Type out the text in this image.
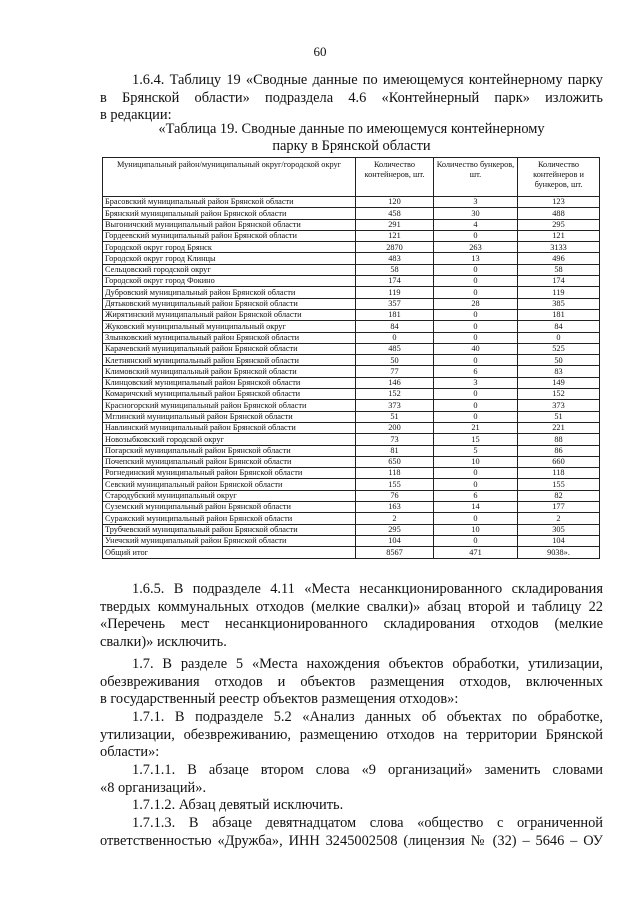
60
1.6.4. Таблицу 19 «Сводные данные по имеющемуся контейнерному парку
в Брянской области» подраздела 4.6 «Контейнерный парк» изложить
в редакции:
«Таблица 19. Сводные данные по имеющемуся контейнерному
парку в Брянской области
Муниципальный район/муниципальный округ/городской округ	Количество контейнеров, шт.	Количество бункеров, шт.	Количество контейнеров и бункеров, шт.

Брасовский муниципальный район Брянской области	120	3	123
Брянский муниципальный район Брянской области	458	30	488
Выгоничский муниципальный район Брянской области	291	4	295
Гордеевский муниципальный район Брянской области	121	0	121
Городской округ город Брянск	2870	263	3133
Городской округ город Клинцы	483	13	496
Сельцовский городской округ	58	0	58
Городской округ город Фокино	174	0	174
Дубровский муниципальный район Брянской области	119	0	119
Дятьковский муниципальный район Брянской области	357	28	385
Жирятинский муниципальный район Брянской области	181	0	181
Жуковский муниципальный муниципальный округ	84	0	84
Злынковский муниципальный район Брянской области	0	0	0
Карачевский муниципальный район Брянской области	485	40	525
Клетнянский муниципальный район Брянской области	50	0	50
Климовский муниципальный район Брянской области	77	6	83
Клинцовский муниципальный район Брянской области	146	3	149
Комаричский муниципальный район Брянской области	152	0	152
Красногорский муниципальный район Брянской области	373	0	373
Мглинский муниципальный район Брянской области	51	0	51
Навлинский муниципальный район Брянской области	200	21	221
Новозыбковский городской округ	73	15	88
Погарский муниципальный район Брянской области	81	5	86
Почепский муниципальный район Брянской области	650	10	660
Рогнединский муниципальный район Брянской области	118	0	118
Севский муниципальный район Брянской области	155	0	155
Стародубский муниципальный округ	76	6	82
Суземский муниципальный район Брянской области	163	14	177
Суражский муниципальный район Брянской области	2	0	2
Трубчевский муниципальный район Брянской области	295	10	305
Унечский муниципальный район Брянской области	104	0	104
Общий итог	8567	471	9038».
1.6.5. В подразделе 4.11 «Места несанкционированного складирования
твердых коммунальных отходов (мелкие свалки)» абзац второй и таблицу 22
«Перечень мест несанкционированного складирования отходов (мелкие
свалки)» исключить.
1.7. В разделе 5 «Места нахождения объектов обработки, утилизации,
обезвреживания отходов и объектов размещения отходов, включенных
в государственный реестр объектов размещения отходов»:
1.7.1. В подразделе 5.2 «Анализ данных об объектах по обработке,
утилизации, обезвреживанию, размещению отходов на территории Брянской
области»:
1.7.1.1. В абзаце втором слова «9 организаций» заменить словами
«8 организаций».
1.7.1.2. Абзац девятый исключить.
1.7.1.3. В абзаце девятнадцатом слова «общество с ограниченной
ответственностью «Дружба», ИНН 3245002508 (лицензия № (32) – 5646 – ОУ
